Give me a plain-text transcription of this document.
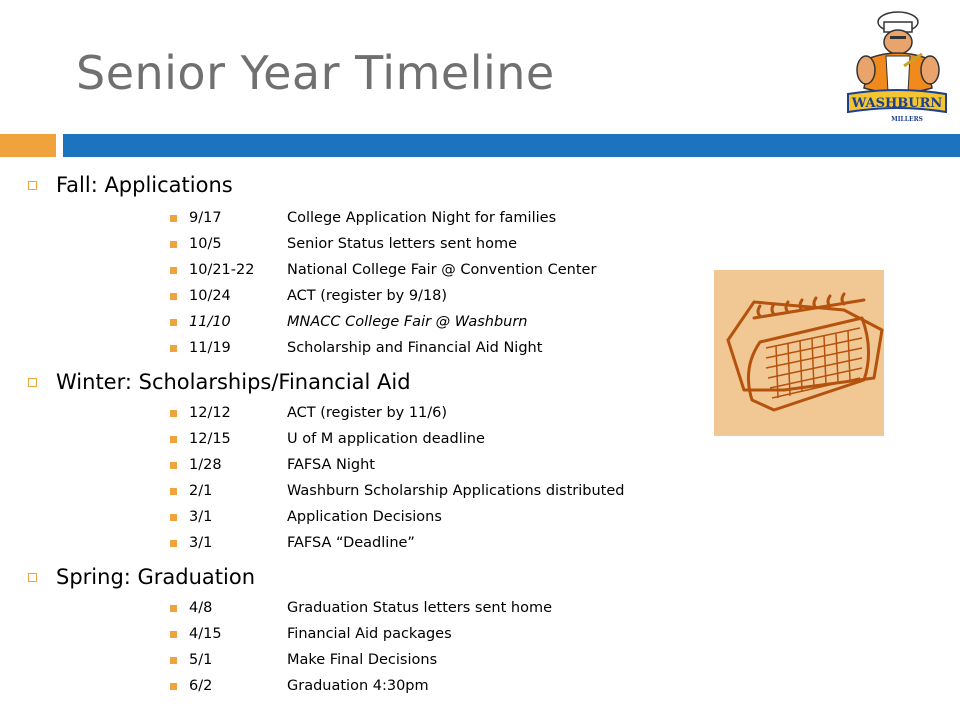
Senior Year Timeline
WASHBURN
MILLERS
Fall: Applications
9/17	College Application Night for families
10/5	Senior Status letters sent home
10/21-22	National College Fair @ Convention Center
10/24	ACT (register by 9/18)
11/10	MNACC College Fair @ Washburn
11/19	Scholarship and Financial Aid Night
Winter: Scholarships/Financial Aid
12/12	ACT (register by 11/6)
12/15	U of M application deadline
1/28	FAFSA Night
2/1	Washburn Scholarship Applications distributed
3/1	Application Decisions
3/1	FAFSA “Deadline”
Spring: Graduation
4/8	Graduation Status letters sent home
4/15	Financial Aid packages
5/1	Make Final Decisions
6/2	Graduation 4:30pm
